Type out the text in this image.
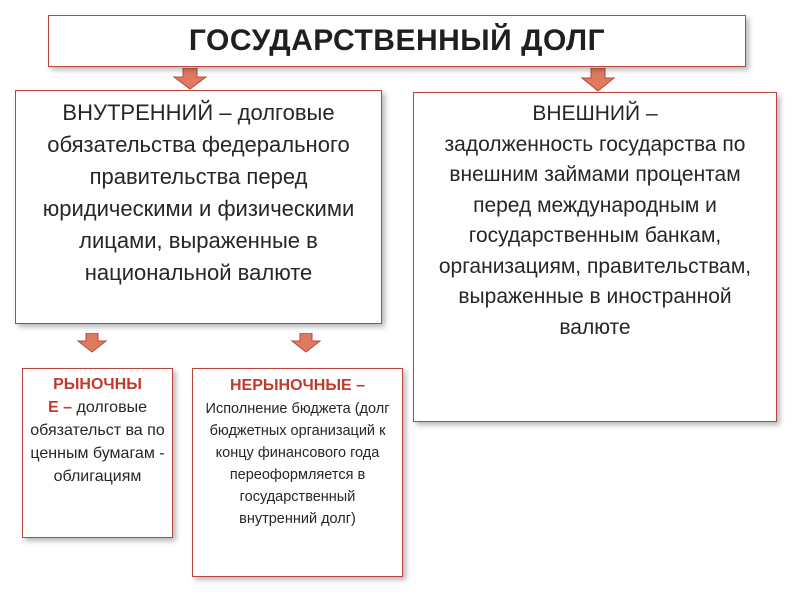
ГОСУДАРСТВЕННЫЙ ДОЛГ
ВНУТРЕННИЙ – долговые обязательства федерального правительства перед юридическими и физическими лицами, выраженные в национальной валюте
ВНЕШНИЙ –
задолженность государства по внешним займами процентам перед международным и государственным банкам, организациям, правительствам, выраженные в иностранной валюте
РЫНОЧНЫ
Е – долговые обязательст ва по ценным бумагам - облигациям
НЕРЫНОЧНЫЕ –
Исполнение бюджета (долг бюджетных организаций к концу финансового года переоформляется в государственный внутренний долг)
